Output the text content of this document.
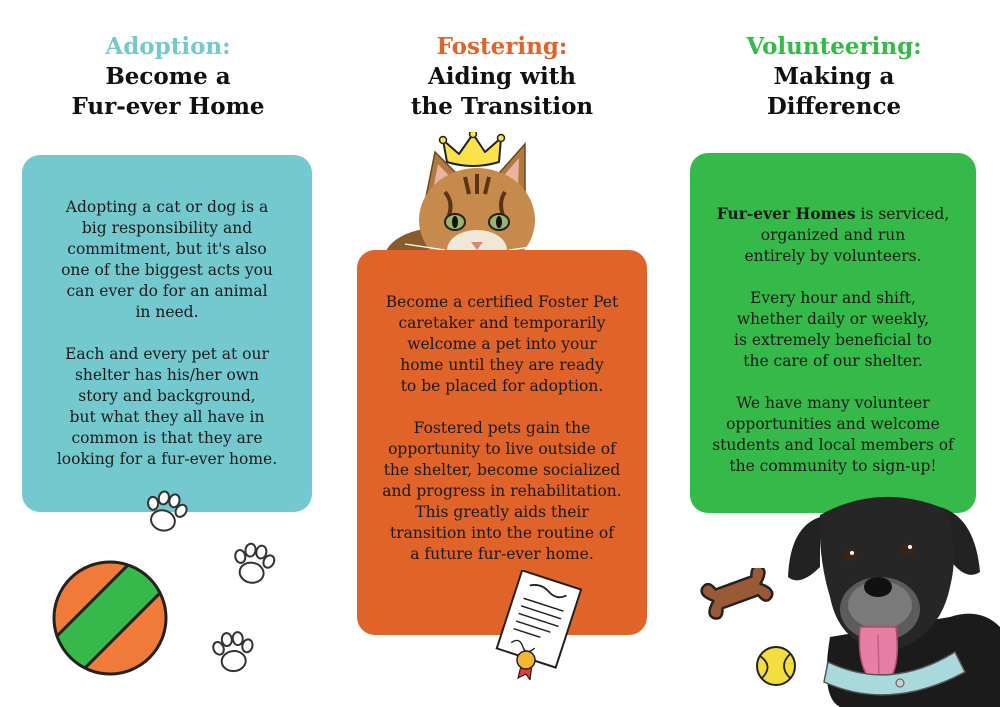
Adoption:
Become a
Fur-ever Home

Adopting a cat or dog is a
big responsibility and
commitment, but it's also
one of the biggest acts you
can ever do for an animal
in need.

Each and every pet at our
shelter has his/her own
story and background,
but what they all have in
common is that they are
looking for a fur-ever home.

Fostering:
Aiding with
the Transition

Become a certified Foster Pet
caretaker and temporarily
welcome a pet into your
home until they are ready
to be placed for adoption.

Fostered pets gain the
opportunity to live outside of
the shelter, become socialized
and progress in rehabilitation.
This greatly aids their
transition into the routine of
a future fur-ever home.

Volunteering:
Making a
Difference

Fur-ever Homes is serviced,
organized and run
entirely by volunteers.

Every hour and shift,
whether daily or weekly,
is extremely beneficial to
the care of our shelter.

We have many volunteer
opportunities and welcome
students and local members of
the community to sign-up!
